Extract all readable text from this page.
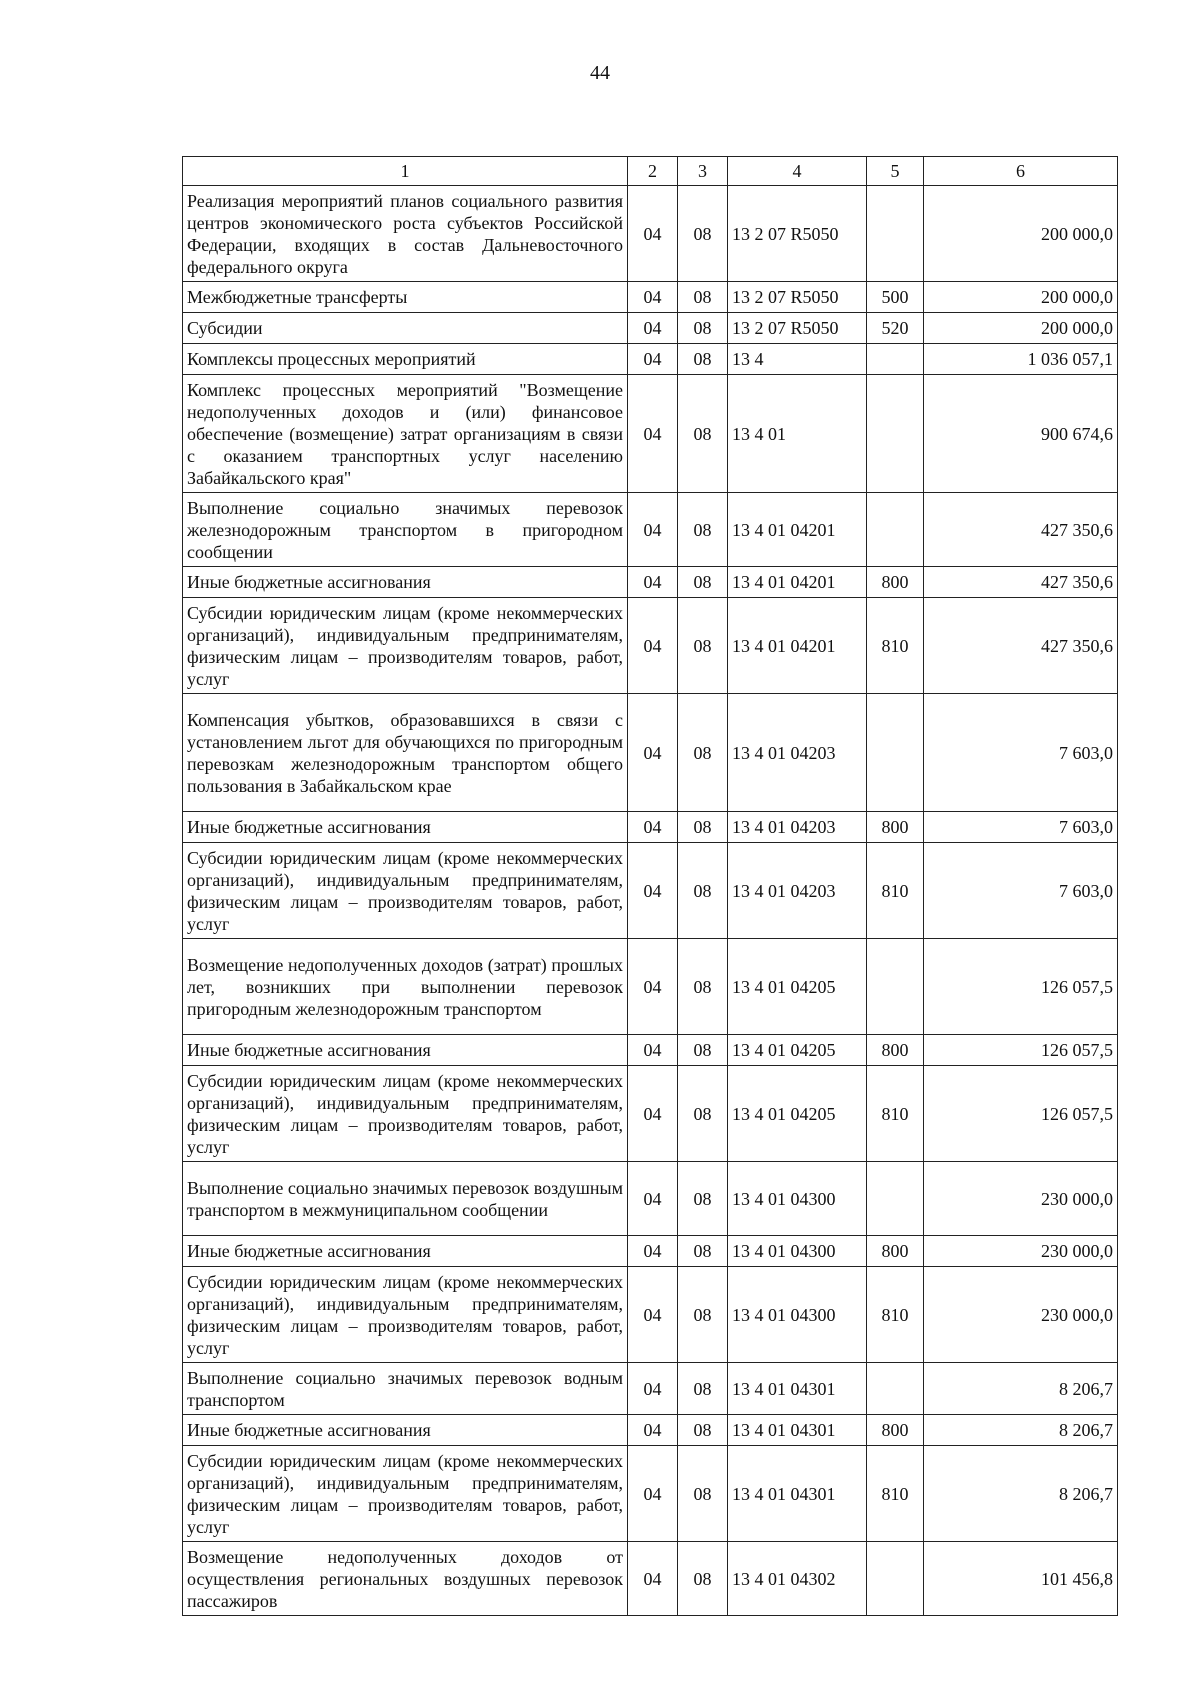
44
1	2	3	4	5	6
Реализация мероприятий планов социального развития центров экономического роста субъектов Российской Федерации, входящих в состав Дальневосточного федерального округа	04	08	13 2 07 R5050		200 000,0
Межбюджетные трансферты	04	08	13 2 07 R5050	500	200 000,0
Субсидии	04	08	13 2 07 R5050	520	200 000,0
Комплексы процессных мероприятий	04	08	13 4		1 036 057,1
Комплекс процессных мероприятий "Возмещение недополученных доходов и (или) финансовое обеспечение (возмещение) затрат организациям в связи с оказанием транспортных услуг населению Забайкальского края"	04	08	13 4 01		900 674,6
Выполнение социально значимых перевозок железнодорожным транспортом в пригородном сообщении	04	08	13 4 01 04201		427 350,6
Иные бюджетные ассигнования	04	08	13 4 01 04201	800	427 350,6
Субсидии юридическим лицам (кроме некоммерческих организаций), индивидуальным предпринимателям, физическим лицам – производителям товаров, работ, услуг	04	08	13 4 01 04201	810	427 350,6
Компенсация убытков, образовавшихся в связи с установлением льгот для обучающихся по пригородным перевозкам железнодорожным транспортом общего пользования в Забайкальском крае	04	08	13 4 01 04203		7 603,0
Иные бюджетные ассигнования	04	08	13 4 01 04203	800	7 603,0
Субсидии юридическим лицам (кроме некоммерческих организаций), индивидуальным предпринимателям, физическим лицам – производителям товаров, работ, услуг	04	08	13 4 01 04203	810	7 603,0
Возмещение недополученных доходов (затрат) прошлых лет, возникших при выполнении перевозок пригородным железнодорожным транспортом	04	08	13 4 01 04205		126 057,5
Иные бюджетные ассигнования	04	08	13 4 01 04205	800	126 057,5
Субсидии юридическим лицам (кроме некоммерческих организаций), индивидуальным предпринимателям, физическим лицам – производителям товаров, работ, услуг	04	08	13 4 01 04205	810	126 057,5
Выполнение социально значимых перевозок воздушным транспортом в межмуниципальном сообщении	04	08	13 4 01 04300		230 000,0
Иные бюджетные ассигнования	04	08	13 4 01 04300	800	230 000,0
Субсидии юридическим лицам (кроме некоммерческих организаций), индивидуальным предпринимателям, физическим лицам – производителям товаров, работ, услуг	04	08	13 4 01 04300	810	230 000,0
Выполнение социально значимых перевозок водным транспортом	04	08	13 4 01 04301		8 206,7
Иные бюджетные ассигнования	04	08	13 4 01 04301	800	8 206,7
Субсидии юридическим лицам (кроме некоммерческих организаций), индивидуальным предпринимателям, физическим лицам – производителям товаров, работ, услуг	04	08	13 4 01 04301	810	8 206,7
Возмещение недополученных доходов от осуществления региональных воздушных перевозок пассажиров	04	08	13 4 01 04302		101 456,8
